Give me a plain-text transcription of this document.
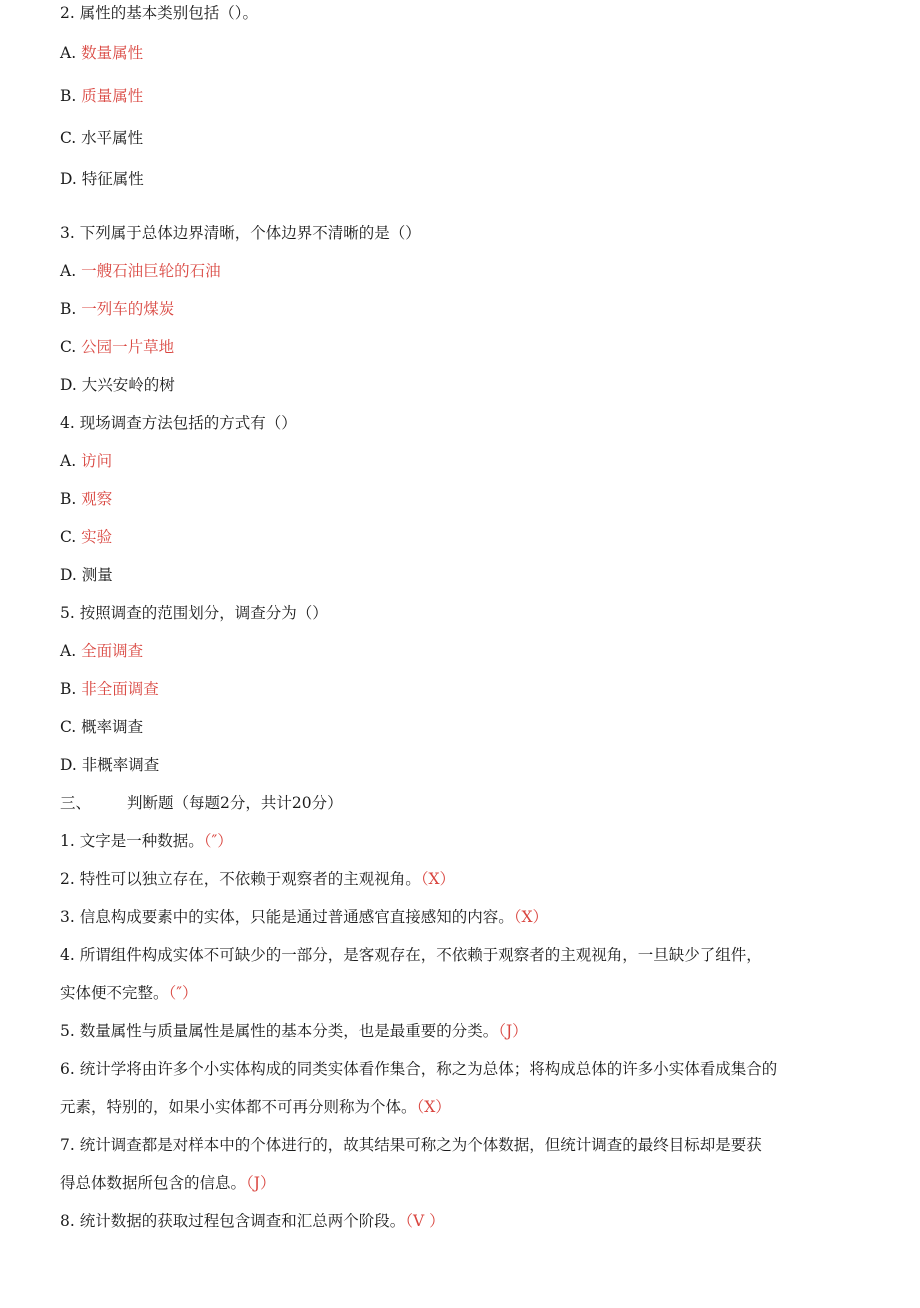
2. 属性的基本类别包括（）。
A. 数量属性
B. 质量属性
C. 水平属性
D. 特征属性
3. 下列属于总体边界清晰，个体边界不清晰的是（）
A. 一艘石油巨轮的石油
B. 一列车的煤炭
C. 公园一片草地
D. 大兴安岭的树
4. 现场调查方法包括的方式有（）
A. 访问
B. 观察
C. 实验
D. 测量
5. 按照调查的范围划分，调查分为（）
A. 全面调查
B. 非全面调查
C. 概率调查
D. 非概率调查
三、 判断题（每题2分，共计20分）
1. 文字是一种数据。（″）
2. 特性可以独立存在，不依赖于观察者的主观视角。（X）
3. 信息构成要素中的实体，只能是通过普通感官直接感知的内容。（X）
4. 所谓组件构成实体不可缺少的一部分，是客观存在，不依赖于观察者的主观视角，一旦缺少了组件，
实体便不完整。（″）
5. 数量属性与质量属性是属性的基本分类，也是最重要的分类。（J）
6. 统计学将由许多个小实体构成的同类实体看作集合，称之为总体；将构成总体的许多小实体看成集合的
元素，特别的，如果小实体都不可再分则称为个体。（X）
7. 统计调查都是对样本中的个体进行的，故其结果可称之为个体数据，但统计调查的最终目标却是要获
得总体数据所包含的信息。（J）
8. 统计数据的获取过程包含调查和汇总两个阶段。（V ）
